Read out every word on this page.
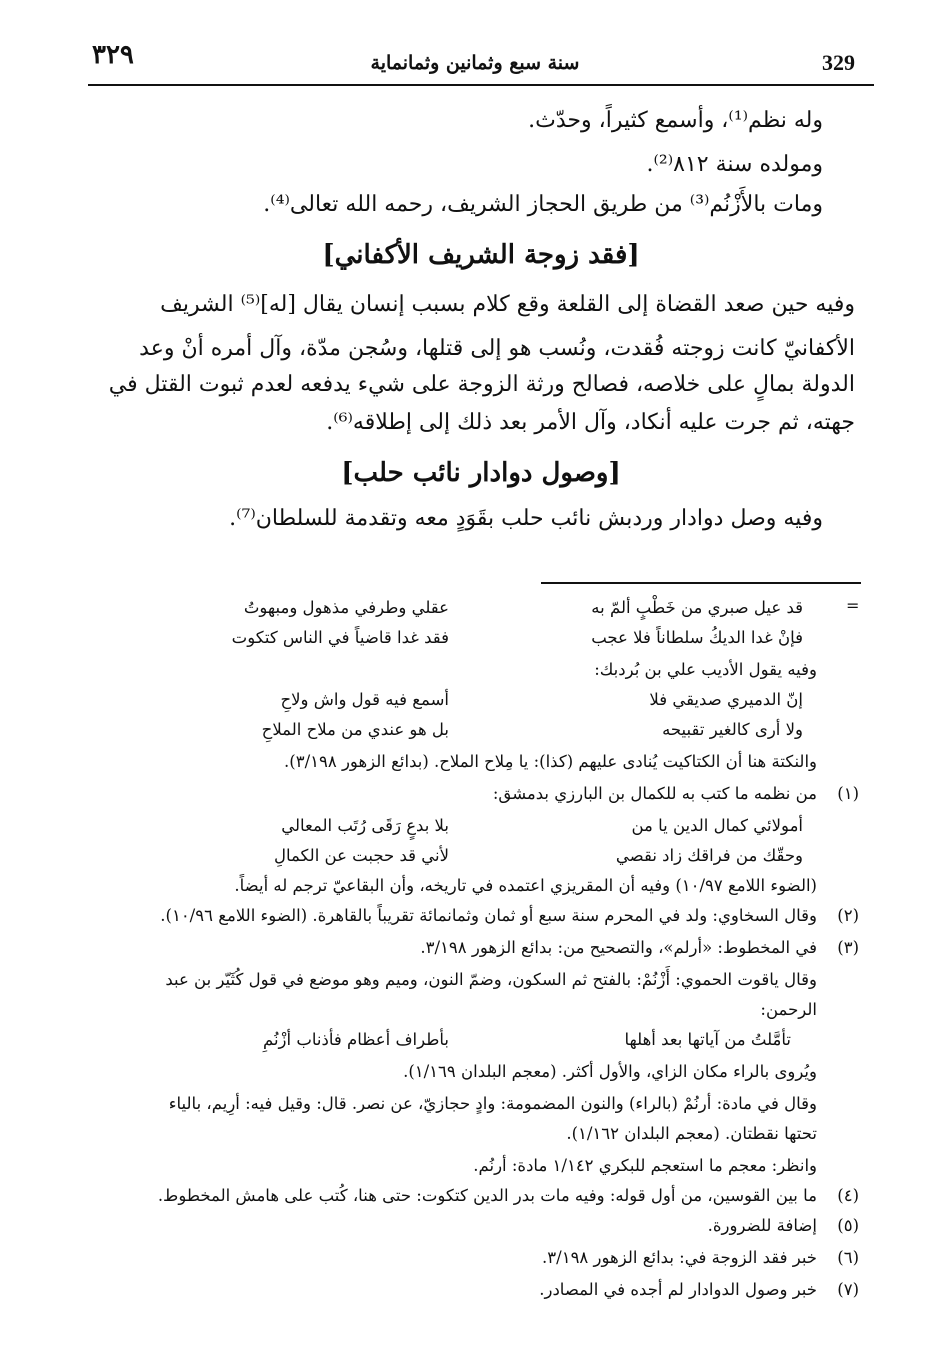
٣٢٩	سنة سبع وثمانين وثمانماية	329
وله نظم⁽¹⁾، وأسمع كثيراً، وحدّث.
ومولده سنة ٨١٢⁽²⁾.
ومات بالأَزْنُم⁽³⁾ من طريق الحجاز الشريف، رحمه الله تعالى⁽⁴⁾.
[فقد زوجة الشريف الأكفاني]
وفيه حين صعد القضاة إلى القلعة وقع كلام بسبب إنسان يقال [له]⁽⁵⁾ الشريف
الأكفانيّ كانت زوجته فُقدت، ونُسب هو إلى قتلها، وسُجن مدّة، وآل أمره أنْ وعد
الدولة بمالٍ على خلاصه، فصالح ورثة الزوجة على شيء يدفعه لعدم ثبوت القتل في
جهته، ثم جرت عليه أنكاد، وآل الأمر بعد ذلك إلى إطلاقه⁽⁶⁾.
[وصول دوادار نائب حلب]
وفيه وصل دوادار وردبش نائب حلب بقَوَدٍ معه وتقدمة للسلطان⁽⁷⁾.
=
قد عيل صبري من خَطْبٍ ألمّ به
عقلي وطرفي مذهول ومبهوتُ
فإنْ غدا الديكُ سلطاناً فلا عجب
فقد غدا قاضياً في الناس كتكوت
وفيه يقول الأديب علي بن بُردبك:
إنّ الدميري صديقي فلا
أسمع فيه قول واش ولاحِ
ولا أرى كالغير تقبيحه
بل هو عندي من ملاح الملاحِ
والنكتة هنا أن الكتاكيت يُنادى عليهم (كذا): يا مِلاح الملاح. (بدائع الزهور ٣/١٩٨).
(١)
من نظمه ما كتب به للكمال بن البارزي بدمشق:
أمولائي كمال الدين يا من
بلا بدعٍ رَقَى رُتَب المعالي
وحقّك من فراقك زاد نقصي
لأني قد حجبت عن الكمالِ
(الضوء اللامع ١٠/٩٧) وفيه أن المقريزي اعتمده في تاريخه، وأن البقاعيّ ترجم له أيضاً.
(٢)
وقال السخاوي: ولد في المحرم سنة سبع أو ثمان وثمانمائة تقريباً بالقاهرة. (الضوء اللامع ١٠/٩٦).
(٣)
في المخطوط: «أرلم»، والتصحيح من: بدائع الزهور ٣/١٩٨.
وقال ياقوت الحموي: أَزْنُمْ: بالفتح ثم السكون، وضمّ النون، وميم وهو موضع في قول كُثَيّر بن عبد
الرحمن:
تأمَّلتُ من آياتها بعد أهلها
بأطراف أعظام فأذناب أزْنُمِ
ويُروى بالراء مكان الزاي، والأول أكثر. (معجم البلدان ١/١٦٩).
وقال في مادة: أرنُمْ (بالراء) والنون المضمومة: وادٍ حجازيّ، عن نصر. قال: وقيل فيه: أرِيم، بالياء
تحتها نقطتان. (معجم البلدان ١/١٦٢).
وانظر: معجم ما استعجم للبكري ١/١٤٢ مادة: أرنُم.
(٤)
ما بين القوسين، من أول قوله: وفيه مات بدر الدين كتكوت: حتى هنا، كُتب على هامش المخطوط.
(٥)
إضافة للضرورة.
(٦)
خبر فقد الزوجة في: بدائع الزهور ٣/١٩٨.
(٧)
خبر وصول الدوادار لم أجده في المصادر.
